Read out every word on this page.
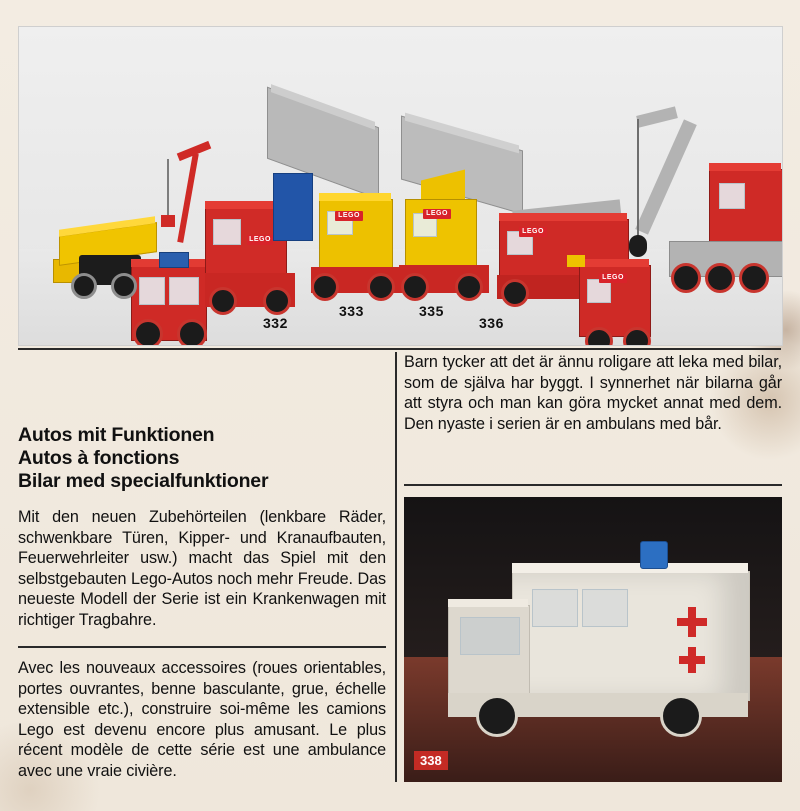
LEGO
332
LEGO
333
LEGO
335
LEGO
336
LEGO
Autos mit Funktionen
Autos à fonctions
Bilar med specialfunktioner

Mit den neuen Zubehörteilen (lenkbare Räder, schwenkbare Türen, Kipper- und Kranaufbauten, Feuerwehrleiter usw.) macht das Spiel mit den selbstgebauten Lego-Autos noch mehr Freude. Das neueste Modell der Serie ist ein Krankenwagen mit richtiger Tragbahre.

Avec les nouveaux accessoires (roues orientables, portes ouvrantes, benne basculante, grue, échelle extensible etc.), construire soi-même les camions Lego est devenu encore plus amusant. Le plus récent modèle de cette série est une ambulance avec une vraie civière.

Barn tycker att det är ännu roligare att leka med bilar, som de själva har byggt. I synnerhet när bilarna går att styra och man kan göra mycket annat med dem. Den nyaste i serien är en ambulans med bår.

338
